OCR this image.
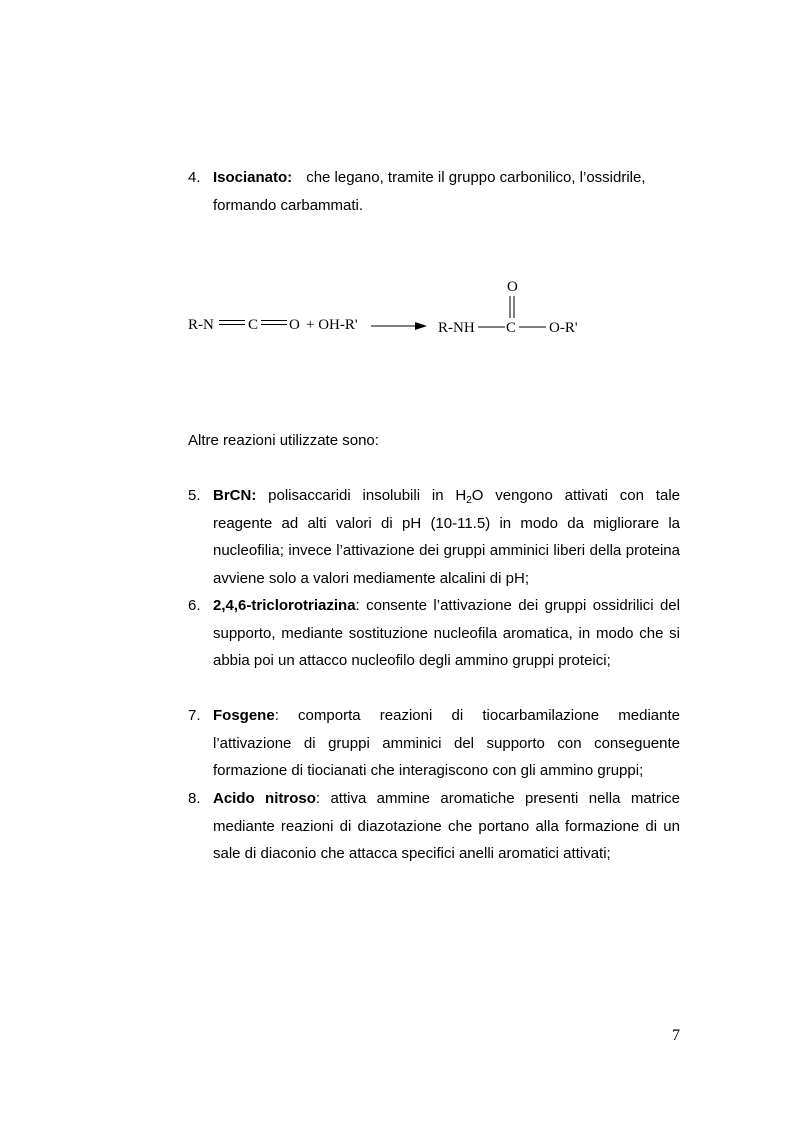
4. Isocianato: che legano, tramite il gruppo carbonilico, l’ossidrile, formando carbammati.
R-N C O + OH-R'	R-NH C
O
O-R'
Altre reazioni utilizzate sono:
5. BrCN: polisaccaridi insolubili in $H_2O$ vengono attivati con tale reagente ad alti valori di pH (10-11.5) in modo da migliorare la nucleofilia; invece l’attivazione dei gruppi amminici liberi della proteina avviene solo a valori mediamente alcalini di pH;
6. 2,4,6-triclorotriazina: consente l’attivazione dei gruppi ossidrilici del supporto, mediante sostituzione nucleofila aromatica, in modo che si abbia poi un attacco nucleofilo degli ammino gruppi proteici;
7. Fosgene: comporta reazioni di tiocarbamilazione mediante l’attivazione di gruppi amminici del supporto con conseguente formazione di tiocianati che interagiscono con gli ammino gruppi;
8. Acido nitroso: attiva ammine aromatiche presenti nella matrice mediante reazioni di diazotazione che portano alla formazione di un sale di diaconio che attacca specifici anelli aromatici attivati;
7
